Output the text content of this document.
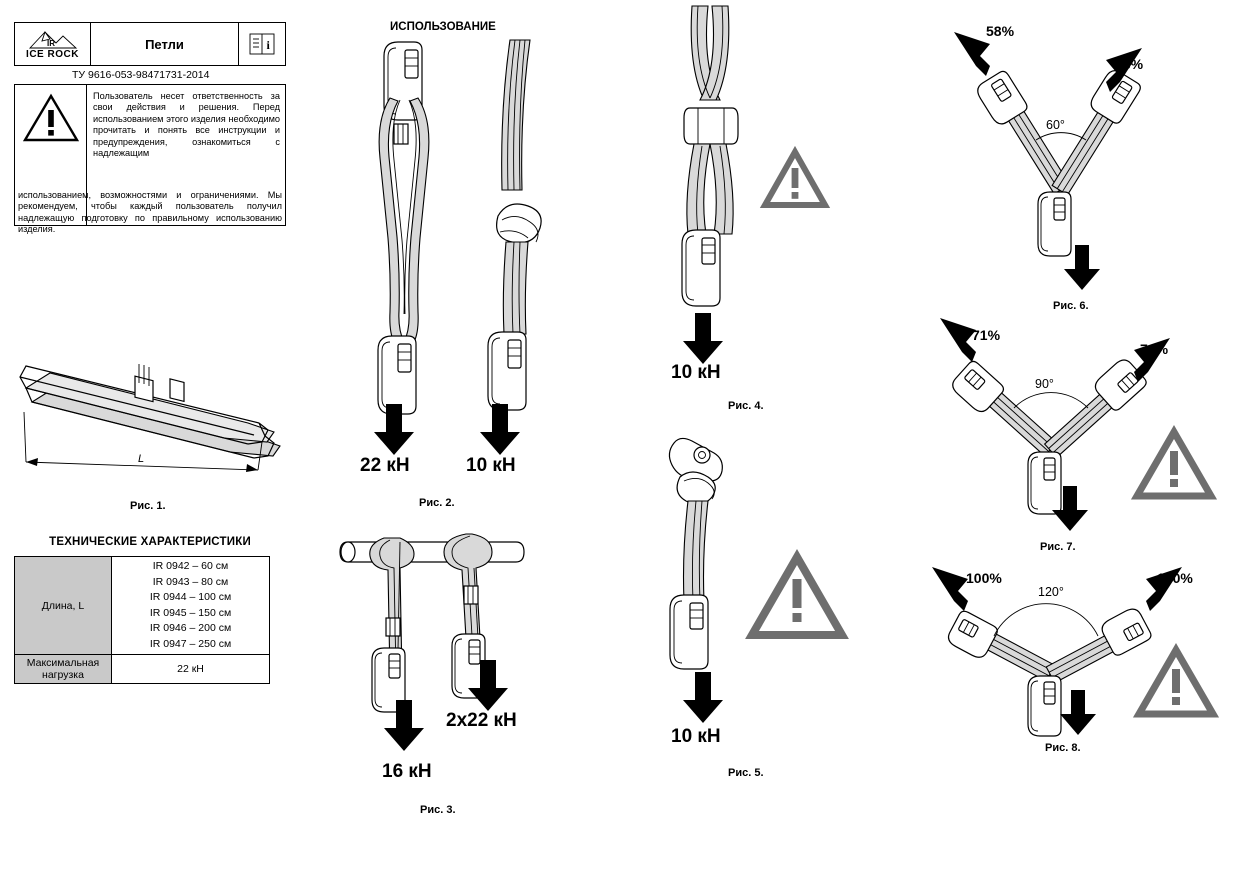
IR
ICE ROCK
Петли	i
ТУ 9616-053-98471731-2014
Пользователь несет ответственность за свои действия и решения. Перед использованием этого изделия необходимо прочитать и понять все инструкции и предупреждения, ознакомиться с надлежащим
использованием, возможностями и ограничениями. Мы рекомендуем, чтобы каждый пользователь получил надлежащую подготовку по правильному использованию изделия.
L
Рис. 1.
ТЕХНИЧЕСКИЕ ХАРАКТЕРИСТИКИ
Длина, L	
IR 0942 – 60 см
IR 0943 – 80 см
IR 0944 – 100 см
IR 0945 – 150 см
IR 0946 – 200 см
IR 0947 – 250 см

Максимальная нагрузка	22 кН
ИСПОЛЬЗОВАНИЕ
22 кН	10 кН
Рис. 2.
2х22 кН
16 кН
Рис. 3.
10 кН
Рис. 4.
10 кН
Рис. 5.
58%
58%
60°
Рис. 6.
71%
71%
90°
Рис. 7.
100%	100%
120°
Рис. 8.
